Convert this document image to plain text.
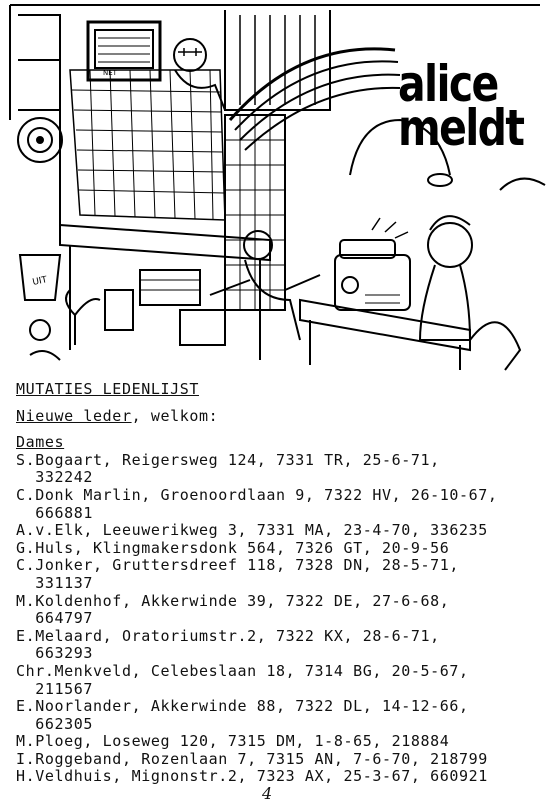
NET
UIT
alice
meldt
MUTATIES LEDENLIJST
Nieuwe leder, welkom:
Dames
S.Bogaart, Reigersweg 124, 7331 TR, 25-6-71,
332242
C.Donk Marlin, Groenoordlaan 9, 7322 HV, 26-10-67,
666881
A.v.Elk, Leeuwerikweg 3, 7331 MA, 23-4-70, 336235
G.Huls, Klingmakersdonk 564, 7326 GT, 20-9-56
C.Jonker, Gruttersdreef 118, 7328 DN, 28-5-71,
331137
M.Koldenhof, Akkerwinde 39, 7322 DE, 27-6-68,
664797
E.Melaard, Oratoriumstr.2, 7322 KX, 28-6-71,
663293
Chr.Menkveld, Celebeslaan 18, 7314 BG, 20-5-67,
211567
E.Noorlander, Akkerwinde 88, 7322 DL, 14-12-66,
662305
M.Ploeg, Loseweg 120, 7315 DM, 1-8-65, 218884
I.Roggeband, Rozenlaan 7, 7315 AN, 7-6-70, 218799
H.Veldhuis, Mignonstr.2, 7323 AX, 25-3-67, 660921
4
